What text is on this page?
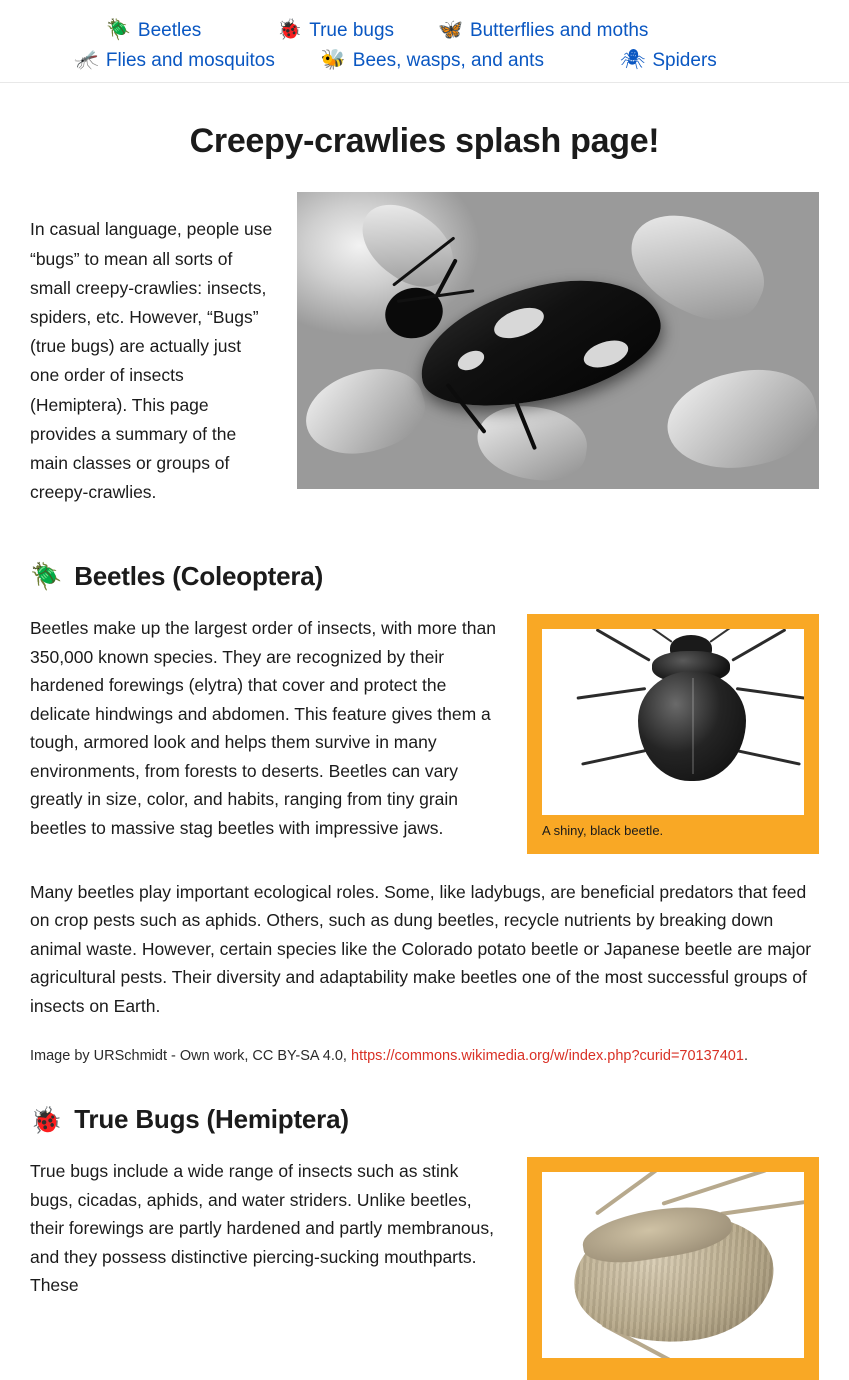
🪲 Beetles	🐞 True bugs 🦋 Butterflies and moths
🦟 Flies and mosquitos 🐝 Bees, wasps, and ants	🕷 Spiders
Creepy-crawlies splash page!

In casual language, people use “bugs” to mean all sorts of small creepy-crawlies: insects, spiders, etc. However, “Bugs” (true bugs) are actually just one order of insects (Hemiptera). This page provides a summary of the main classes or groups of creepy-crawlies.

🪲 Beetles (Coleoptera)
Beetles make up the largest order of insects, with more than 350,000 known species. They are recognized by their hardened forewings (elytra) that cover and protect the delicate hindwings and abdomen. This feature gives them a tough, armored look and helps them survive in many environments, from forests to deserts. Beetles can vary greatly in size, color, and habits, ranging from tiny grain beetles to massive stag beetles with impressive jaws.	A shiny, black beetle.

Many beetles play important ecological roles. Some, like ladybugs, are beneficial predators that feed on crop pests such as aphids. Others, such as dung beetles, recycle nutrients by breaking down animal waste. However, certain species like the Colorado potato beetle or Japanese beetle are major agricultural pests. Their diversity and adaptability make beetles one of the most successful groups of insects on Earth.

Image by URSchmidt - Own work, CC BY-SA 4.0, https://commons.wikimedia.org/w/index.php?curid=70137401.

🐞 True Bugs (Hemiptera)
True bugs include a wide range of insects such as stink bugs, cicadas, aphids, and water striders. Unlike beetles, their forewings are partly hardened and partly membranous, and they possess distinctive piercing-sucking mouthparts. These
